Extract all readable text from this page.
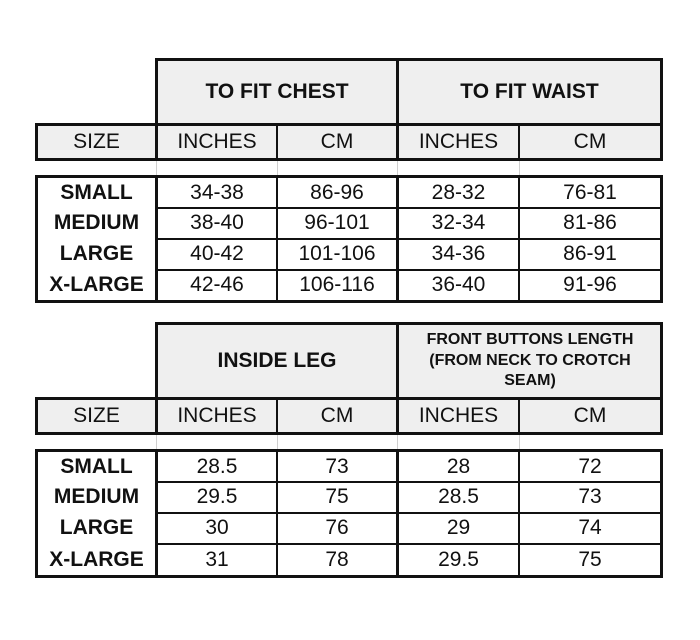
TO FIT CHEST	TO FIT WAIST
SIZE	INCHES	CM	INCHES	CM
SMALL	34-38	86-96	28-32	76-81
MEDIUM	38-40	96-101	32-34	81-86
LARGE	40-42	101-106	34-36	86-91
X-LARGE	42-46	106-116	36-40	91-96
INSIDE LEG
FRONT BUTTONS LENGTH (FROM NECK TO CROTCH SEAM)
SIZE	INCHES	CM	INCHES	CM
SMALL	28.5	73	28	72
MEDIUM	29.5	75	28.5	73
LARGE	30	76	29	74
X-LARGE	31	78	29.5	75
